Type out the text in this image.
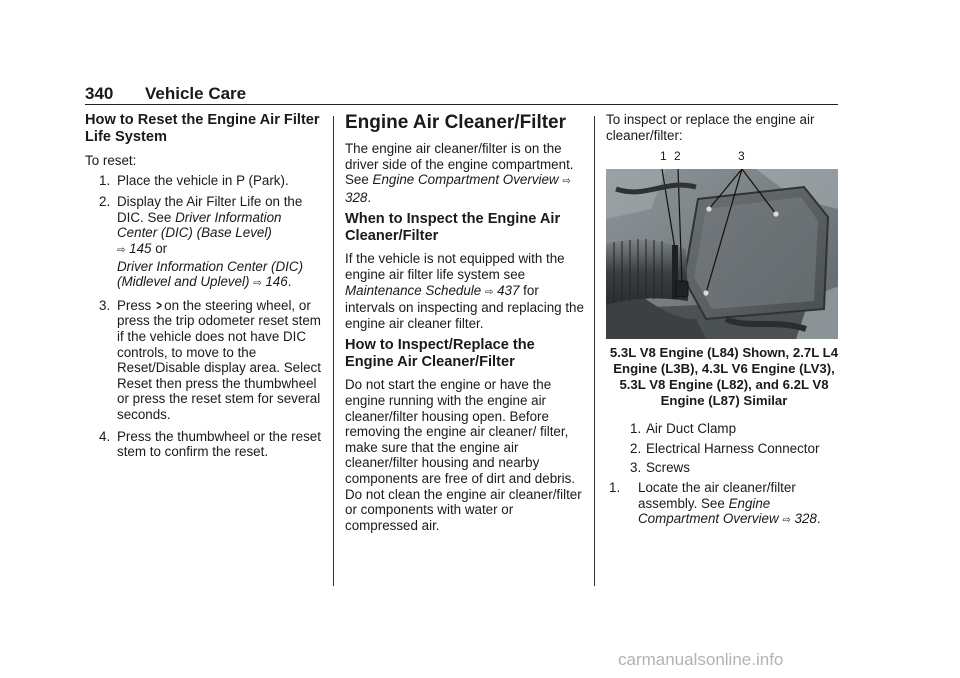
340 Vehicle Care
How to Reset the Engine Air Filter Life System

To reset:

1. Place the vehicle in P (Park).
2. Display the Air Filter Life on the DIC. See Driver Information Center (DIC) (Base Level)
⇨ 145 or
Driver Information Center (DIC) (Midlevel and Uplevel) ⇨ 146.
3. Press > on the steering wheel, or press the trip odometer reset stem if the vehicle does not have DIC controls, to move to the Reset/Disable display area. Select Reset then press the thumbwheel or press the reset stem for several seconds.
4. Press the thumbwheel or the reset stem to confirm the reset.
Engine Air Cleaner/Filter

The engine air cleaner/filter is on the driver side of the engine compartment. See Engine Compartment Overview ⇨ 328.

When to Inspect the Engine Air Cleaner/Filter

If the vehicle is not equipped with the engine air filter life system see Maintenance Schedule ⇨ 437 for intervals on inspecting and replacing the engine air cleaner filter.

How to Inspect/Replace the Engine Air Cleaner/Filter

Do not start the engine or have the engine running with the engine air cleaner/filter housing open. Before removing the engine air cleaner/ filter, make sure that the engine air cleaner/filter housing and nearby components are free of dirt and debris. Do not clean the engine air cleaner/filter or components with water or compressed air.

To inspect or replace the engine air cleaner/filter:

1 2	3

5.3L V8 Engine (L84) Shown, 2.7L L4 Engine (L3B), 4.3L V6 Engine (LV3), 5.3L V8 Engine (L82), and 6.2L V8 Engine (L87) Similar

1. Air Duct Clamp
2. Electrical Harness Connector
3. Screws
1. Locate the air cleaner/filter assembly. See Engine Compartment Overview ⇨ 328.
carmanualsonline.info
